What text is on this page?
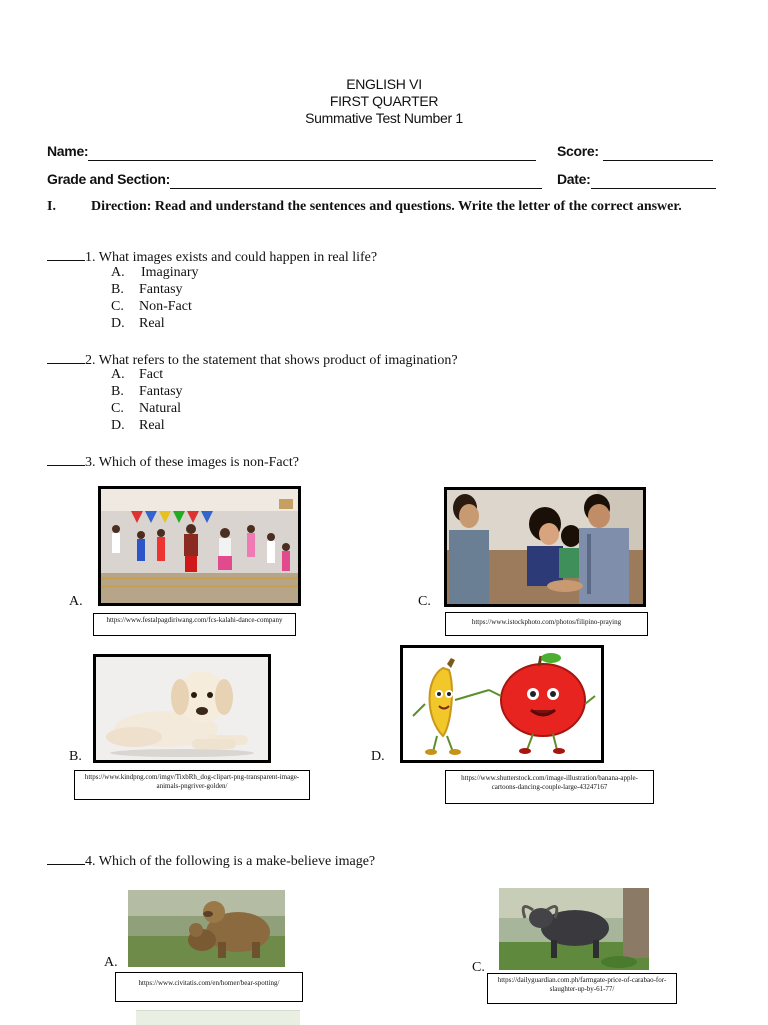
ENGLISH VI
FIRST QUARTER
Summative Test Number 1
Name:	Score:
Grade and Section:	Date:
I.	Direction: Read and understand the sentences and questions. Write the letter of the correct answer.
1. What images exists and could happen in real life?
A. Imaginary
B. Fantasy
C. Non-Fact
D. Real
2. What refers to the statement that shows product of imagination?
A. Fact
B. Fantasy
C. Natural
D. Real
3. Which of these images is non-Fact?
A.
https://www.festalpagdiriwang.com/fcs-kalahi-dance-company
C.
https://www.istockphoto.com/photos/filipino-praying
B.
https://www.kindpng.com/imgv/TixbRh_dog-clipart-png-transparent-image-animals-pngriver-golden/
D.
https://www.shutterstock.com/image-illustration/banana-apple-cartoons-dancing-couple-large-43247167
4. Which of the following is a make-believe image?
A.
https://www.civitatis.com/en/homer/bear-spotting/
C.
https://dailyguardian.com.ph/farmgate-price-of-carabao-for-slaughter-up-by-61-77/
